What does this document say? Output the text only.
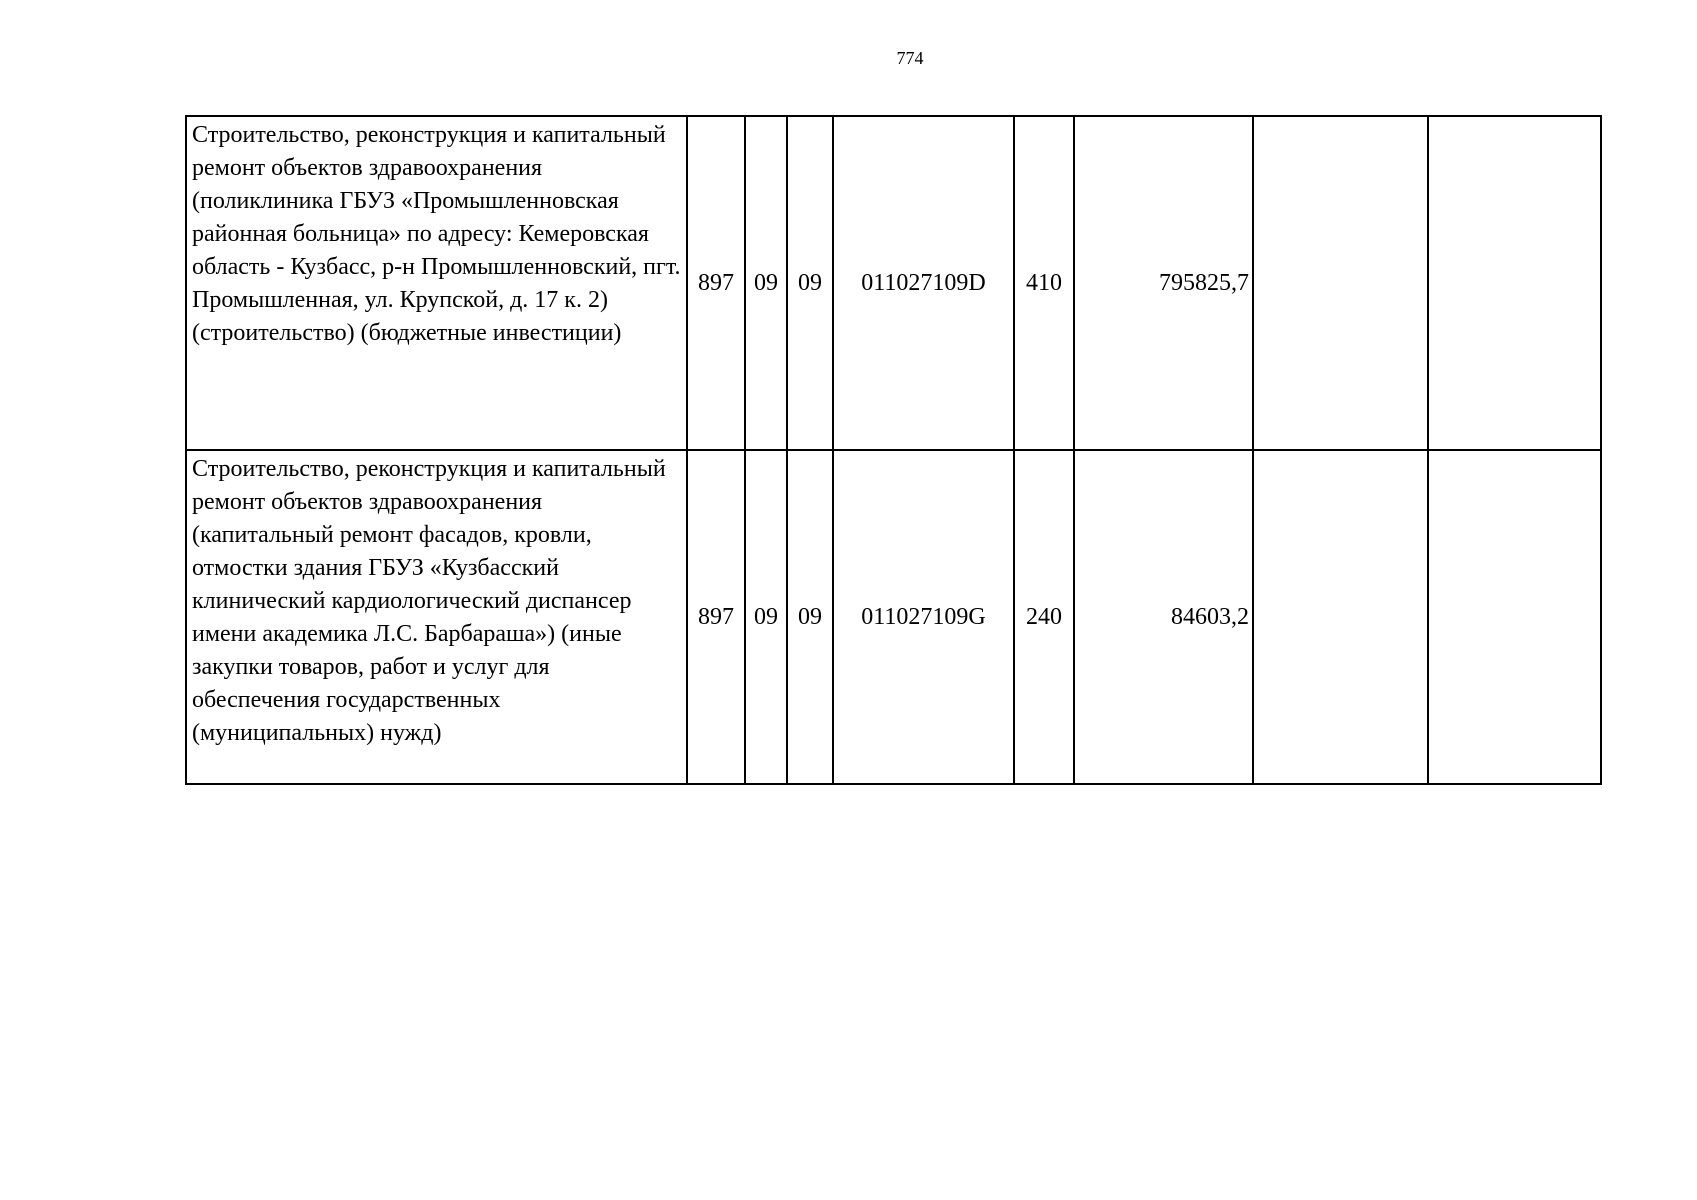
774
Строительство, реконструкция и капитальный ремонт объектов здравоохранения (поликлиника ГБУЗ «Промышленновская районная больница» по адресу: Кемеровская область - Кузбасс, р-н Промышленновский, пгт. Промышленная, ул. Крупской, д. 17 к. 2) (строительство) (бюджетные инвестиции)	897	09	09	011027109D	410	795825,7		
Строительство, реконструкция и капитальный ремонт объектов здравоохранения (капитальный ремонт фасадов, кровли, отмостки здания ГБУЗ «Кузбасский клинический кардиологический диспансер имени академика Л.С. Барбараша») (иные закупки товаров, работ и услуг для обеспечения государственных (муниципальных) нужд)	897	09	09	011027109G	240	84603,2		
